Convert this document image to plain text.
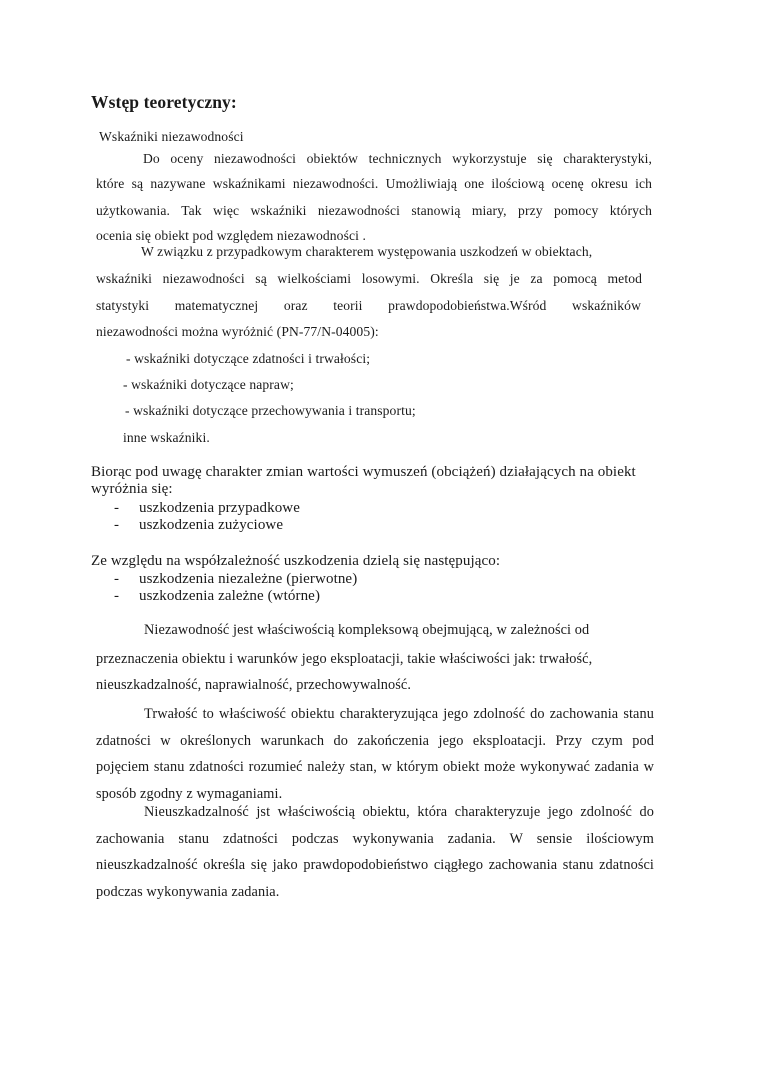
Wstęp teoretyczny:
Wskaźniki niezawodności
Do oceny niezawodności obiektów technicznych wykorzystuje się charakterystyki,
które są nazywane wskaźnikami niezawodności. Umożliwiają one ilościową ocenę okresu ich
użytkowania. Tak więc wskaźniki niezawodności stanowią miary, przy pomocy których
ocenia się obiekt pod względem niezawodności .
W związku z przypadkowym charakterem występowania uszkodzeń w obiektach,
wskaźniki niezawodności są wielkościami losowymi. Określa się je za pomocą metod
statystyki matematycznej oraz teorii prawdopodobieństwa.Wśród wskaźników
niezawodności można wyróżnić (PN-77/N-04005):
- wskaźniki dotyczące zdatności i trwałości;
- wskaźniki dotyczące napraw;
- wskaźniki dotyczące przechowywania i transportu;
inne wskaźniki.
Biorąc pod uwagę charakter zmian wartości wymuszeń (obciążeń) działających na obiekt
wyróżnia się:
- uszkodzenia przypadkowe
- uszkodzenia zużyciowe
Ze względu na współzależność uszkodzenia dzielą się następująco:
- uszkodzenia niezależne (pierwotne)
- uszkodzenia zależne (wtórne)
Niezawodność jest właściwością kompleksową obejmującą, w zależności od
przeznaczenia obiektu i warunków jego eksploatacji, takie właściwości jak: trwałość,
nieuszkadzalność, naprawialność, przechowywalność.
Trwałość to właściwość obiektu charakteryzująca jego zdolność do zachowania stanu
zdatności w określonych warunkach do zakończenia jego eksploatacji. Przy czym pod
pojęciem stanu zdatności rozumieć należy stan, w którym obiekt może wykonywać zadania w
sposób zgodny z wymaganiami.
Nieuszkadzalność jst właściwością obiektu, która charakteryzuje jego zdolność do
zachowania stanu zdatności podczas wykonywania zadania. W sensie ilościowym
nieuszkadzalność określa się jako prawdopodobieństwo ciągłego zachowania stanu zdatności
podczas wykonywania zadania.
